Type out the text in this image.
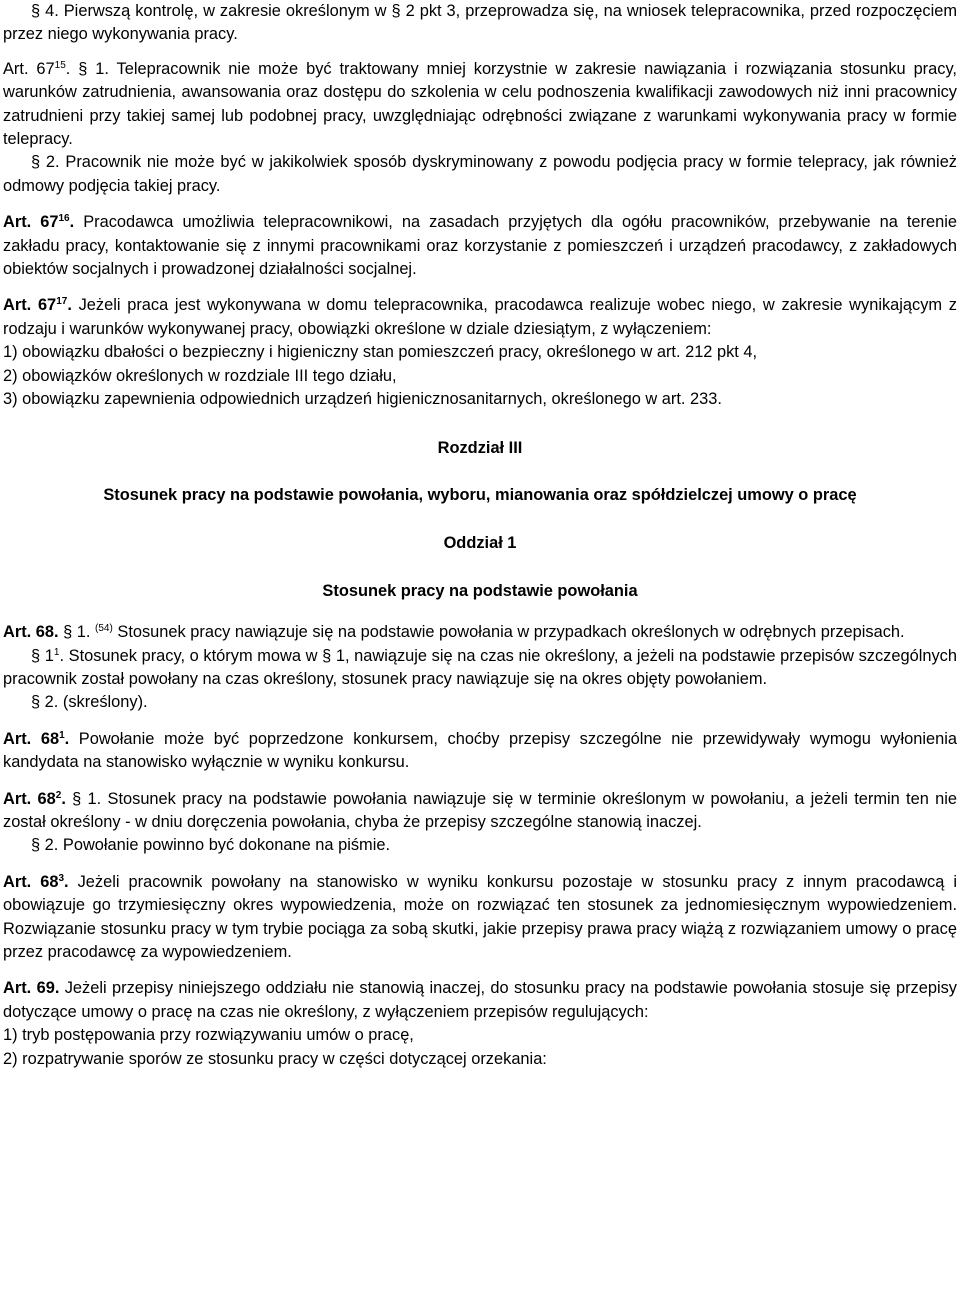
§ 4. Pierwszą kontrolę, w zakresie określonym w § 2 pkt 3, przeprowadza się, na wniosek telepracownika, przed rozpoczęciem przez niego wykonywania pracy.

Art. $67^{15}$. § 1. Telepracownik nie może być traktowany mniej korzystnie w zakresie nawiązania i rozwiązania stosunku pracy, warunków zatrudnienia, awansowania oraz dostępu do szkolenia w celu podnoszenia kwalifikacji zawodowych niż inni pracownicy zatrudnieni przy takiej samej lub podobnej pracy, uwzględniając odrębności związane z warunkami wykonywania pracy w formie telepracy.

§ 2. Pracownik nie może być w jakikolwiek sposób dyskryminowany z powodu podjęcia pracy w formie telepracy, jak również odmowy podjęcia takiej pracy.

Art. $67^{16}$. Pracodawca umożliwia telepracownikowi, na zasadach przyjętych dla ogółu pracowników, przebywanie na terenie zakładu pracy, kontaktowanie się z innymi pracownikami oraz korzystanie z pomieszczeń i urządzeń pracodawcy, z zakładowych obiektów socjalnych i prowadzonej działalności socjalnej.

Art. $67^{17}$. Jeżeli praca jest wykonywana w domu telepracownika, pracodawca realizuje wobec niego, w zakresie wynikającym z rodzaju i warunków wykonywanej pracy, obowiązki określone w dziale dziesiątym, z wyłączeniem:

1) obowiązku dbałości o bezpieczny i higieniczny stan pomieszczeń pracy, określonego w art. 212 pkt 4,
2) obowiązków określonych w rozdziale III tego działu,
3) obowiązku zapewnienia odpowiednich urządzeń higienicznosanitarnych, określonego w art. 233.

Rozdział III

Stosunek pracy na podstawie powołania, wyboru, mianowania oraz spółdzielczej umowy o pracę

Oddział 1

Stosunek pracy na podstawie powołania

Art. 68. § 1. $^{(54)}$ Stosunek pracy nawiązuje się na podstawie powołania w przypadkach określonych w odrębnych przepisach.

§ $1^1$. Stosunek pracy, o którym mowa w § 1, nawiązuje się na czas nie określony, a jeżeli na podstawie przepisów szczególnych pracownik został powołany na czas określony, stosunek pracy nawiązuje się na okres objęty powołaniem.

§ 2. (skreślony).

Art. $68^1$. Powołanie może być poprzedzone konkursem, choćby przepisy szczególne nie przewidywały wymogu wyłonienia kandydata na stanowisko wyłącznie w wyniku konkursu.

Art. $68^2$. § 1. Stosunek pracy na podstawie powołania nawiązuje się w terminie określonym w powołaniu, a jeżeli termin ten nie został określony - w dniu doręczenia powołania, chyba że przepisy szczególne stanowią inaczej.

§ 2. Powołanie powinno być dokonane na piśmie.

Art. $68^3$. Jeżeli pracownik powołany na stanowisko w wyniku konkursu pozostaje w stosunku pracy z innym pracodawcą i obowiązuje go trzymiesięczny okres wypowiedzenia, może on rozwiązać ten stosunek za jednomiesięcznym wypowiedzeniem. Rozwiązanie stosunku pracy w tym trybie pociąga za sobą skutki, jakie przepisy prawa pracy wiążą z rozwiązaniem umowy o pracę przez pracodawcę za wypowiedzeniem.

Art. 69. Jeżeli przepisy niniejszego oddziału nie stanowią inaczej, do stosunku pracy na podstawie powołania stosuje się przepisy dotyczące umowy o pracę na czas nie określony, z wyłączeniem przepisów regulujących:

1) tryb postępowania przy rozwiązywaniu umów o pracę,
2) rozpatrywanie sporów ze stosunku pracy w części dotyczącej orzekania:
